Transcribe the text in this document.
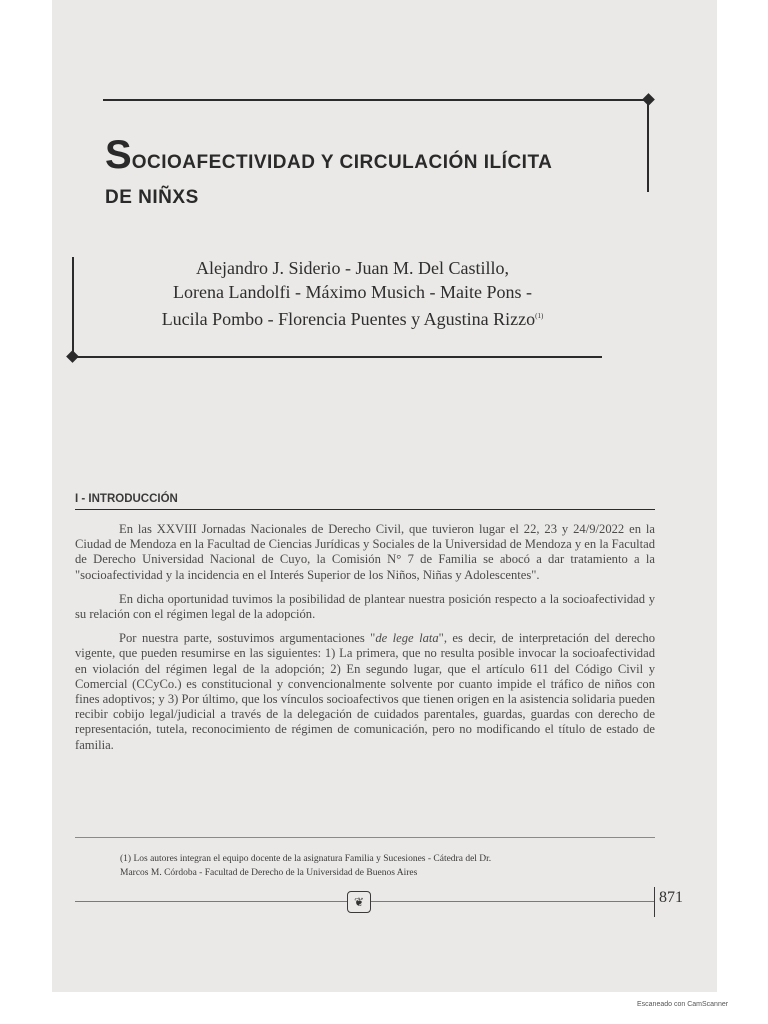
SOCIOAFECTIVIDAD Y CIRCULACIÓN ILÍCITA
DE NIÑXS
Alejandro J. Siderio - Juan M. Del Castillo,
Lorena Landolfi - Máximo Musich - Maite Pons -
Lucila Pombo - Florencia Puentes y Agustina Rizzo$^{(1)}$
I - INTRODUCCIÓN

En las XXVIII Jornadas Nacionales de Derecho Civil, que tuvieron lugar el 22, 23 y 24/9/2022 en la Ciudad de Mendoza en la Facultad de Ciencias Jurídicas y Sociales de la Universidad de Mendoza y en la Facultad de Derecho Universidad Nacional de Cuyo, la Comisión N° 7 de Familia se abocó a dar tratamiento a la "socioafectividad y la incidencia en el Interés Superior de los Niños, Niñas y Adolescentes".

En dicha oportunidad tuvimos la posibilidad de plantear nuestra posición respecto a la socioafectividad y su relación con el régimen legal de la adopción.

Por nuestra parte, sostuvimos argumentaciones "de lege lata", es decir, de interpretación del derecho vigente, que pueden resumirse en las siguientes: 1) La primera, que no resulta posible invocar la socioafectividad en violación del régimen legal de la adopción; 2) En segundo lugar, que el artículo 611 del Código Civil y Comercial (CCyCo.) es constitucional y convencionalmente solvente por cuanto impide el tráfico de niños con fines adoptivos; y 3) Por último, que los vínculos socioafectivos que tienen origen en la asistencia solidaria pueden recibir cobijo legal/judicial a través de la delegación de cuidados parentales, guardas, guardas con derecho de representación, tutela, reconocimiento de régimen de comunicación, pero no modificando el título de estado de familia.

(1) Los autores integran el equipo docente de la asignatura Familia y Sucesiones - Cátedra del Dr.
Marcos M. Córdoba - Facultad de Derecho de la Universidad de Buenos Aires
❦	871
Escaneado con CamScanner
